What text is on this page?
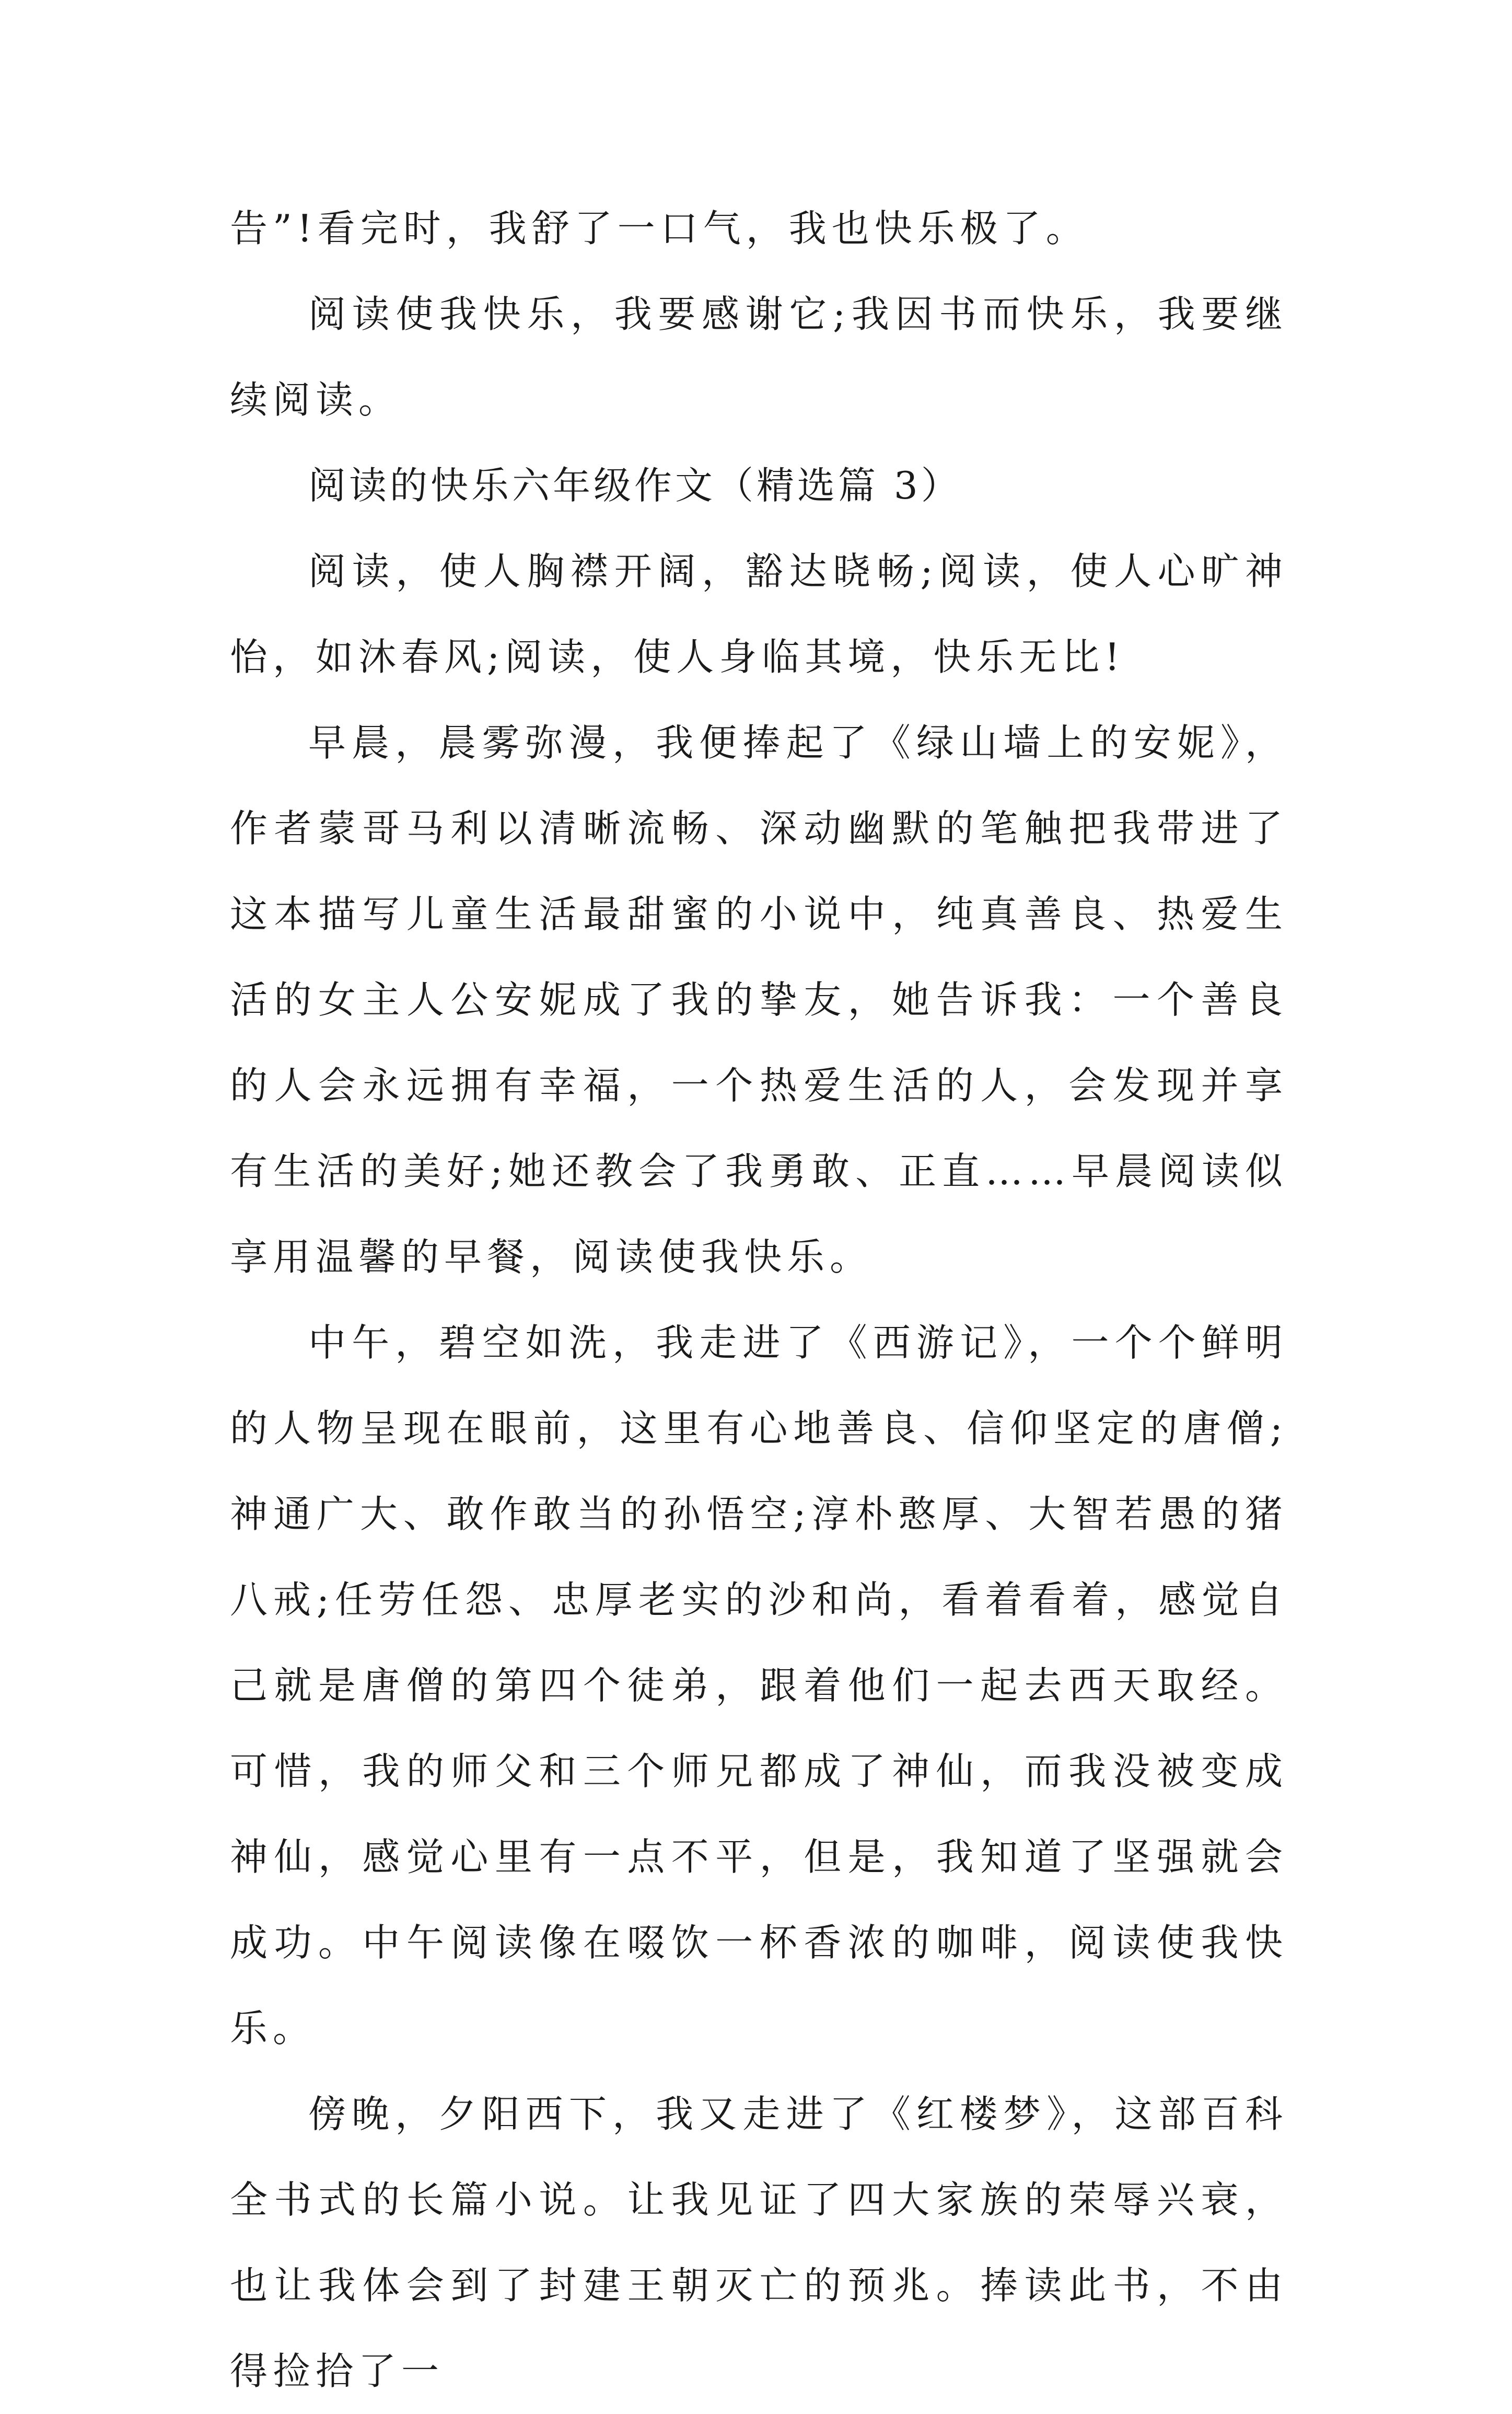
告”!看完时，我舒了一口气，我也快乐极了。

阅读使我快乐，我要感谢它;我因书而快乐，我要继续阅读。

阅读的快乐六年级作文（精选篇 3）

阅读，使人胸襟开阔，豁达晓畅;阅读，使人心旷神怡，如沐春风;阅读，使人身临其境，快乐无比!

早晨，晨雾弥漫，我便捧起了《绿山墙上的安妮》，作者蒙哥马利以清晰流畅、深动幽默的笔触把我带进了这本描写儿童生活最甜蜜的小说中，纯真善良、热爱生活的女主人公安妮成了我的挚友，她告诉我：一个善良的人会永远拥有幸福，一个热爱生活的人，会发现并享有生活的美好;她还教会了我勇敢、正直……早晨阅读似享用温馨的早餐，阅读使我快乐。

中午，碧空如洗，我走进了《西游记》，一个个鲜明的人物呈现在眼前，这里有心地善良、信仰坚定的唐僧;神通广大、敢作敢当的孙悟空;淳朴憨厚、大智若愚的猪八戒;任劳任怨、忠厚老实的沙和尚，看着看着，感觉自己就是唐僧的第四个徒弟，跟着他们一起去西天取经。可惜，我的师父和三个师兄都成了神仙，而我没被变成神仙，感觉心里有一点不平，但是，我知道了坚强就会成功。中午阅读像在啜饮一杯香浓的咖啡，阅读使我快乐。

傍晚，夕阳西下，我又走进了《红楼梦》，这部百科全书式的长篇小说。让我见证了四大家族的荣辱兴衰，也让我体会到了封建王朝灭亡的预兆。捧读此书，不由得捡拾了一
